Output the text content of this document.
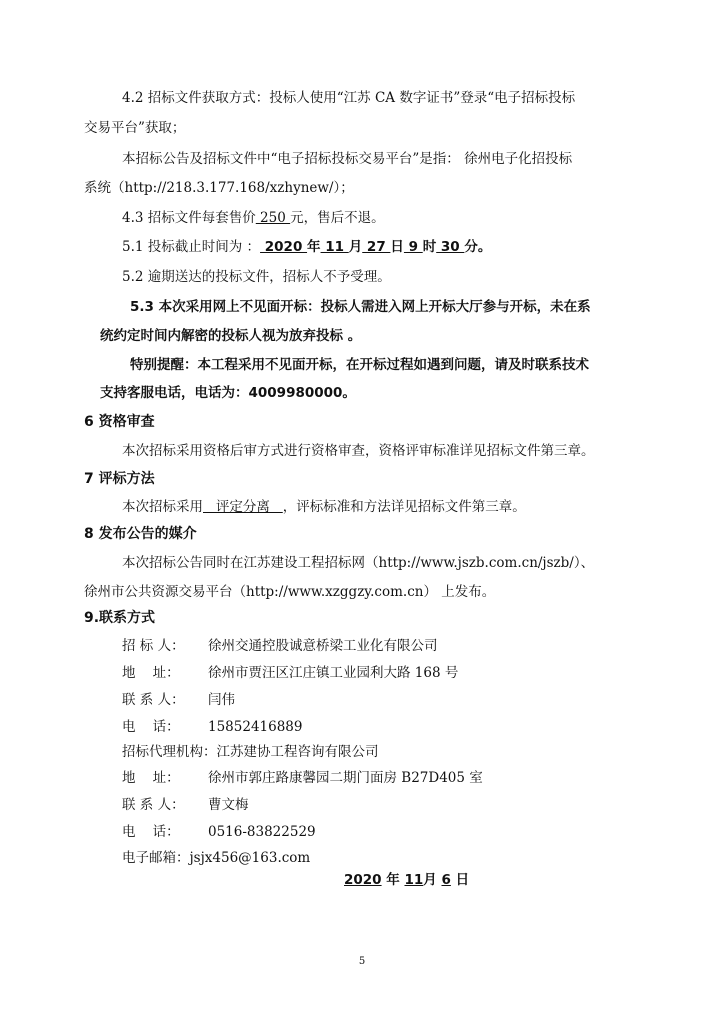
4.2 招标文件获取方式：投标人使用“江苏 CA 数字证书”登录“电子招标投标
交易平台”获取；
本招标公告及招标文件中“电子招标投标交易平台”是指： 徐州电子化招投标
系统（http://218.3.177.168/xzhynew/）；
4.3 招标文件每套售价 250 元，售后不退。
5.1 投标截止时间为 ： 2020 年 11 月 27 日 9 时 30 分。
5.2 逾期送达的投标文件，招标人不予受理。
5.3 本次采用网上不见面开标：投标人需进入网上开标大厅参与开标，未在系
统约定时间内解密的投标人视为放弃投标 。
特别提醒：本工程采用不见面开标，在开标过程如遇到问题，请及时联系技术
支持客服电话，电话为：4009980000。
6 资格审查
本次招标采用资格后审方式进行资格审查，资格评审标准详见招标文件第三章。
7 评标方法
本次招标采用   评定分离   ，评标标准和方法详见招标文件第三章。
8 发布公告的媒介
本次招标公告同时在江苏建设工程招标网（http://www.jszb.com.cn/jszb/）、
徐州市公共资源交易平台（http://www.xzggzy.com.cn） 上发布。
9.联系方式
招 标 人： 徐州交通控股诚意桥梁工业化有限公司
地    址： 徐州市贾汪区江庄镇工业园利大路 168 号
联 系 人： 闫伟
电    话： 15852416889
招标代理机构：江苏建协工程咨询有限公司
地    址： 徐州市郭庄路康馨园二期门面房 B27D405 室
联 系 人： 曹文梅
电    话： 0516-83822529
电子邮箱：jsjx456@163.com
2020 年 11月 6 日
5
